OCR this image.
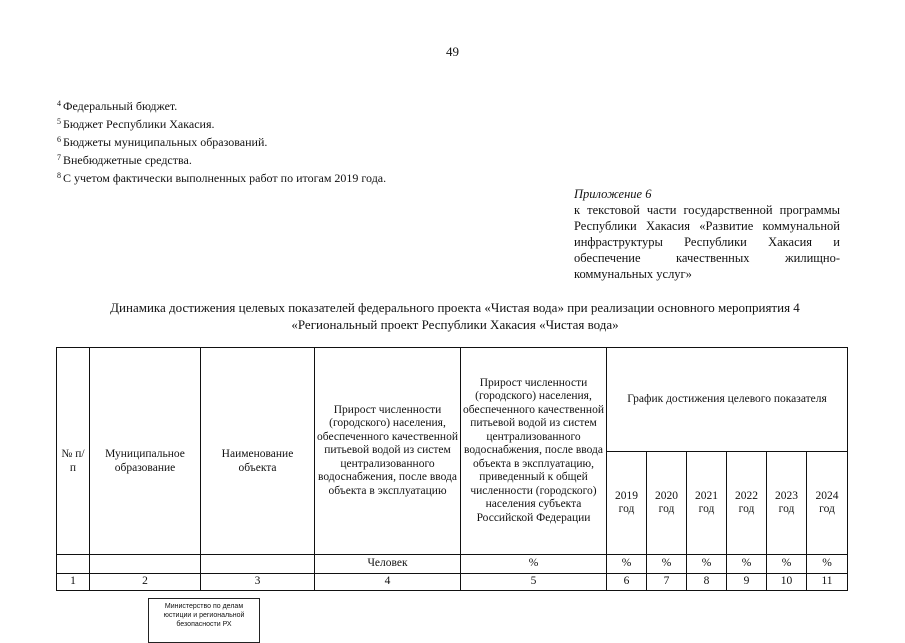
49
$^4$ Федеральный бюджет.
$^5$ Бюджет Республики Хакасия.
$^6$ Бюджеты муниципальных образований.
$^7$ Внебюджетные средства.
$^8$ С учетом фактически выполненных работ по итогам 2019 года.
Приложение 6
к текстовой части государственной программы Республики Хакасия «Развитие коммунальной инфраструктуры Республики Хакасия и обеспечение качественных жилищно-коммунальных услуг»
Динамика достижения целевых показателей федерального проекта «Чистая вода» при реализации основного мероприятия 4
«Региональный проект Республики Хакасия «Чистая вода»
№ п/п	Муниципальное образование	Наименование объекта	Прирост численности (городского) населения, обеспеченного качественной питьевой водой из систем централизованного водоснабжения, после ввода объекта в эксплуатацию	Прирост численности (городского) населения, обеспеченного качественной питьевой водой из систем централизованного водоснабжения, после ввода объекта в эксплуатацию, приведенный к общей численности (городского) населения субъекта Российской Федерации	График достижения целевого показателя					
					2019 год	2020 год	2021 год	2022 год	2023 год	2024 год
			Человек	%	%	%	%	%	%	%
1	2	3	4	5	6	7	8	9	10	11
Министерство по делам
юстиции и региональной
безопасности РХ
